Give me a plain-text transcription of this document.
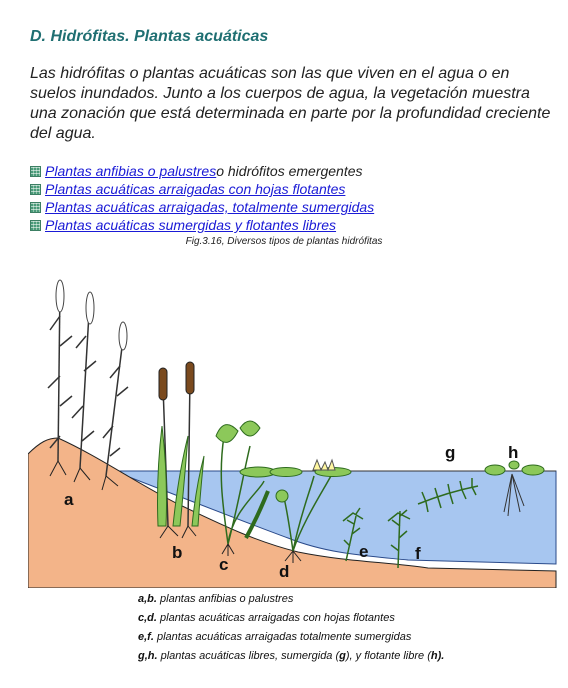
D. Hidrófitas. Plantas acuáticas
Las hidrófitas o plantas acuáticas son las que viven en el agua o en suelos inundados. Junto a los cuerpos de agua, la vegetación muestra una zonación que está determinada en parte por la profundidad creciente del agua.
Plantas anfibias o palustres o hidrófitos emergentes
Plantas acuáticas arraigadas con hojas flotantes
Plantas acuáticas arraigadas, totalmente sumergidas
Plantas acuáticas sumergidas y flotantes libres
Fig.3.16, Diversos tipos de plantas hidrófitas
a
b
c	d
e	f
g	h
a,b. plantas anfibias o palustres
c,d. plantas acuáticas arraigadas con hojas flotantes
e,f. plantas acuáticas arraigadas totalmente sumergidas
g,h. plantas acuáticas libres, sumergida (g), y flotante libre (h).
